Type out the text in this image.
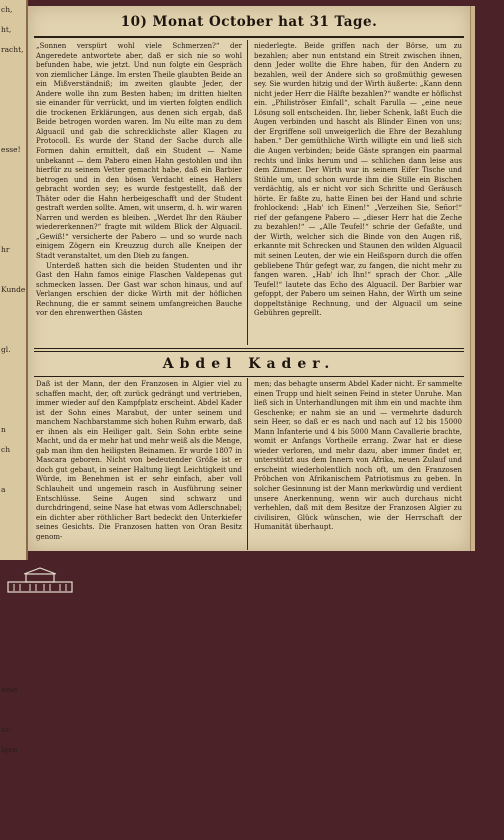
ch,
ht,
racht,

esse!

hr

Kunde

gl.

n
ch

a

erse

ur
lgen

10) Monat October hat 31 Tage.

„Sonnen verspürt wohl viele Schmerzen?“ der Angeredete antwortete aber, daß er sich nie so wohl befunden habe, wie jetzt. Und nun folgte ein Gespräch von ziemlicher Länge. Im ersten Theile glaubten Beide an ein Mißverständniß; im zweiten glaubte Jeder, der Andere wolle ihn zum Besten haben; im dritten hielten sie einander für verrückt, und im vierten folgten endlich die trockenen Erklärungen, aus denen sich ergab, daß Beide betrogen worden waren. Im Nu eilte man zu dem Alguacil und gab die schrecklichste aller Klagen zu Protocoll. Es wurde der Stand der Sache durch alle Formen dahin ermittelt, daß ein Student — Name unbekannt — dem Pabero einen Hahn gestohlen und ihn hierfür zu seinem Vetter gemacht habe, daß ein Barbier betrogen und in den bösen Verdacht eines Hehlers gebracht worden sey; es wurde festgestellt, daß der Thäter oder die Hahn herbeigeschafft und der Student gestraft werden sollte. Amen, wit unserm, d. h. wir waren Narren und werden es bleiben. „Werdet Ihr den Räuber wiedererkennen?“ fragte mit wildem Blick der Alguacil. „Gewiß!“ versicherte der Pabero — und so wurde nach einigem Zögern ein Kreuzzug durch alle Kneipen der Stadt veranstaltet, um den Dieb zu fangen.

Unterdeß hatten sich die beiden Studenten und ihr Gast den Hahn famos einige Flaschen Valdepenas gut schmecken lassen. Der Gast war schon hinaus, und auf Verlangen erschien der dicke Wirth mit der höflichen Rechnung, die er sammt seinem umfangreichen Bauche vor den ehrenwerthen Gästen

niederlegte. Beide griffen nach der Börse, um zu bezahlen; aber nun entstand ein Streit zwischen ihnen, denn Jeder wollte die Ehre haben, für den Andern zu bezahlen, weil der Andere sich so großmüthig gewesen sey. Sie wurden hitzig und der Wirth äußerte: „Kann denn nicht jeder Herr die Hälfte bezahlen?“ wandte er höflichst ein. „Philiströser Einfall“, schalt Farulla — „eine neue Lösung soll entscheiden. Ihr, lieber Schenk, laßt Euch die Augen verbinden und hascht als Blinder Einen von uns; der Ergriffene soll unweigerlich die Ehre der Bezahlung haben.“ Der gemüthliche Wirth willigte ein und ließ sich die Augen verbinden; beide Gäste sprangen ein paarmal rechts und links herum und — schlichen dann leise aus dem Zimmer. Der Wirth war in seinem Eifer Tische und Stühle um, und schon wurde ihm die Stille ein Bischen verdächtig, als er nicht vor sich Schritte und Geräusch hörte. Er faßte zu, hatte Einen bei der Hand und schrie frohlockend: „Hab' ich Einen!“ „Verzeihen Sie, Señor!“ rief der gefangene Pabero — „dieser Herr hat die Zeche zu bezahlen!“ — „Alle Teufel!“ schrie der Gefaßte, und der Wirth, welcher sich die Binde von den Augen riß, erkannte mit Schrecken und Staunen den wilden Alguacil mit seinen Leuten, der wie ein Heißsporn durch die offen gebliebene Thür gefegt war, zu fangen, die nicht mehr zu fangen waren. „Hab' ich Ihn!“ sprach der Chor. „Alle Teufel!“ lautete das Echo des Alguacil. Der Barbier war gefoppt, der Pabero um seinen Hahn, der Wirth um seine doppeltstänige Rechnung, und der Alguacil um seine Gebühren geprellt.

Abdel Kader.

Daß ist der Mann, der den Franzosen in Algier viel zu schaffen macht, der, oft zurück gedrängt und vertrieben, immer wieder auf den Kampfplatz erscheint. Abdel Kader ist der Sohn eines Marabut, der unter seinem und manchem Nachbarstamme sich hohen Ruhm erwarb, daß er ihnen als ein Heiliger galt. Sein Sohn erbte seine Macht, und da er mehr hat und mehr weiß als die Menge, gab man ihm den heiligsten Beinamen. Er wurde 1807 in Mascara geboren. Nicht von bedeutender Größe ist er doch gut gebaut, in seiner Haltung liegt Leichtigkeit und Würde, im Benehmen ist er sehr einfach, aber voll Schlauheit und ungemein rasch in Ausführung seiner Entschlüsse. Seine Augen sind schwarz und durchdringend, seine Nase hat etwas vom Adlerschnabel; ein dichter aber röthlicher Bart bedeckt den Unterkiefer seines Gesichts. Die Franzosen hatten von Oran Besitz genom-

men; das behagte unserm Abdel Kader nicht. Er sammelte einen Trupp und hielt seinen Feind in steter Unruhe. Man ließ sich in Unterhandlungen mit ihm ein und machte ihm Geschenke; er nahm sie an und — vermehrte dadurch sein Heer, so daß er es nach und nach auf 12 bis 15000 Mann Infanterie und 4 bis 5000 Mann Cavallerie brachte, womit er Anfangs Vortheile errang. Zwar hat er diese wieder verloren, und mehr dazu, aber immer findet er, unterstützt aus dem Innern von Afrika, neuen Zulauf und erscheint wiederholentlich noch oft, um den Franzosen Pröbchen von Afrikanischem Patriotismus zu geben. In solcher Gesinnung ist der Mann merkwürdig und verdient unsere Anerkennung, wenn wir auch durchaus nicht verhehlen, daß mit dem Besitze der Franzosen Algier zu civilisiren, Glück wünschen, wie der Herrschaft der Humanität überhaupt.
